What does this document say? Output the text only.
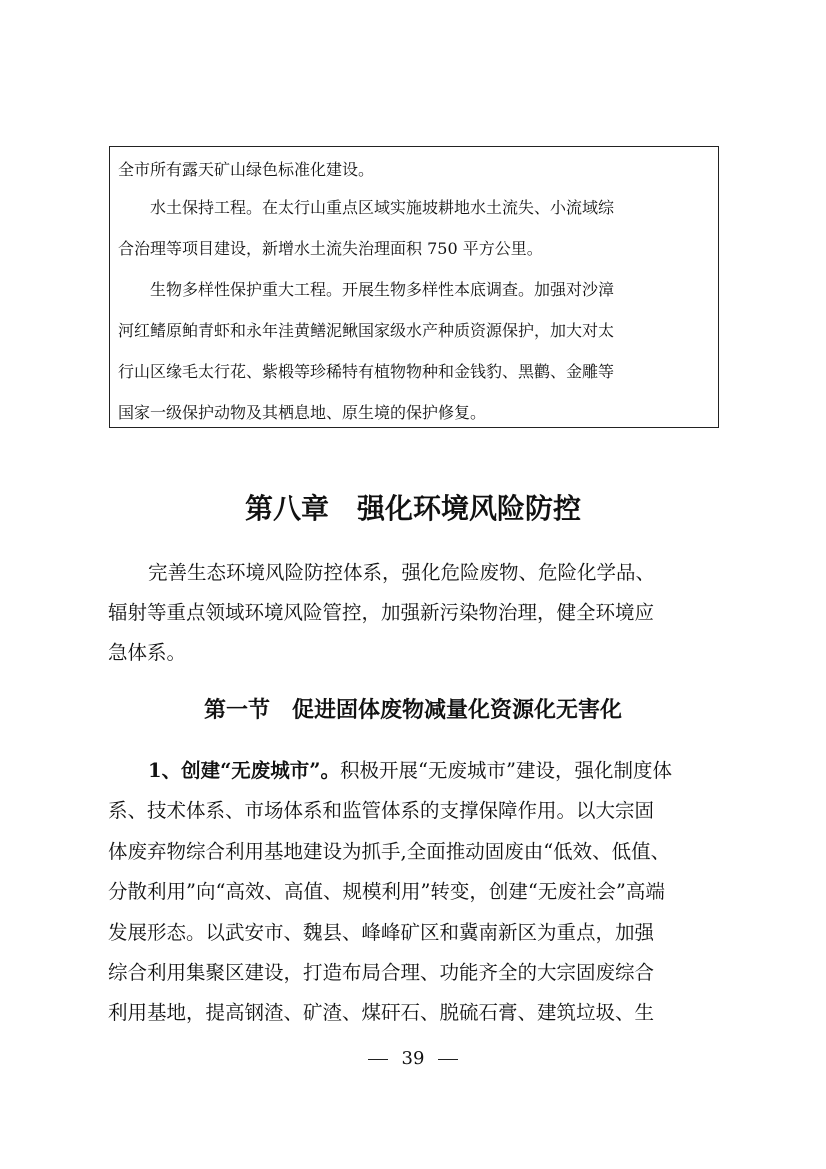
全市所有露天矿山绿色标准化建设。

水土保持工程。在太行山重点区域实施坡耕地水土流失、小流域综

合治理等项目建设，新增水土流失治理面积 750 平方公里。

生物多样性保护重大工程。开展生物多样性本底调查。加强对沙漳

河红鳍原鲌青虾和永年洼黄鳝泥鳅国家级水产种质资源保护，加大对太

行山区缘毛太行花、紫椴等珍稀特有植物物种和金钱豹、黑鹳、金雕等

国家一级保护动物及其栖息地、原生境的保护修复。

第八章 强化环境风险防控

完善生态环境风险防控体系，强化危险废物、危险化学品、

辐射等重点领域环境风险管控，加强新污染物治理，健全环境应

急体系。

第一节 促进固体废物减量化资源化无害化

1、创建“无废城市”。积极开展“无废城市”建设，强化制度体

系、技术体系、市场体系和监管体系的支撑保障作用。以大宗固

体废弃物综合利用基地建设为抓手,全面推动固废由“低效、低值、

分散利用”向“高效、高值、规模利用”转变，创建“无废社会”高端

发展形态。以武安市、魏县、峰峰矿区和冀南新区为重点，加强

综合利用集聚区建设，打造布局合理、功能齐全的大宗固废综合

利用基地，提高钢渣、矿渣、煤矸石、脱硫石膏、建筑垃圾、生

39
